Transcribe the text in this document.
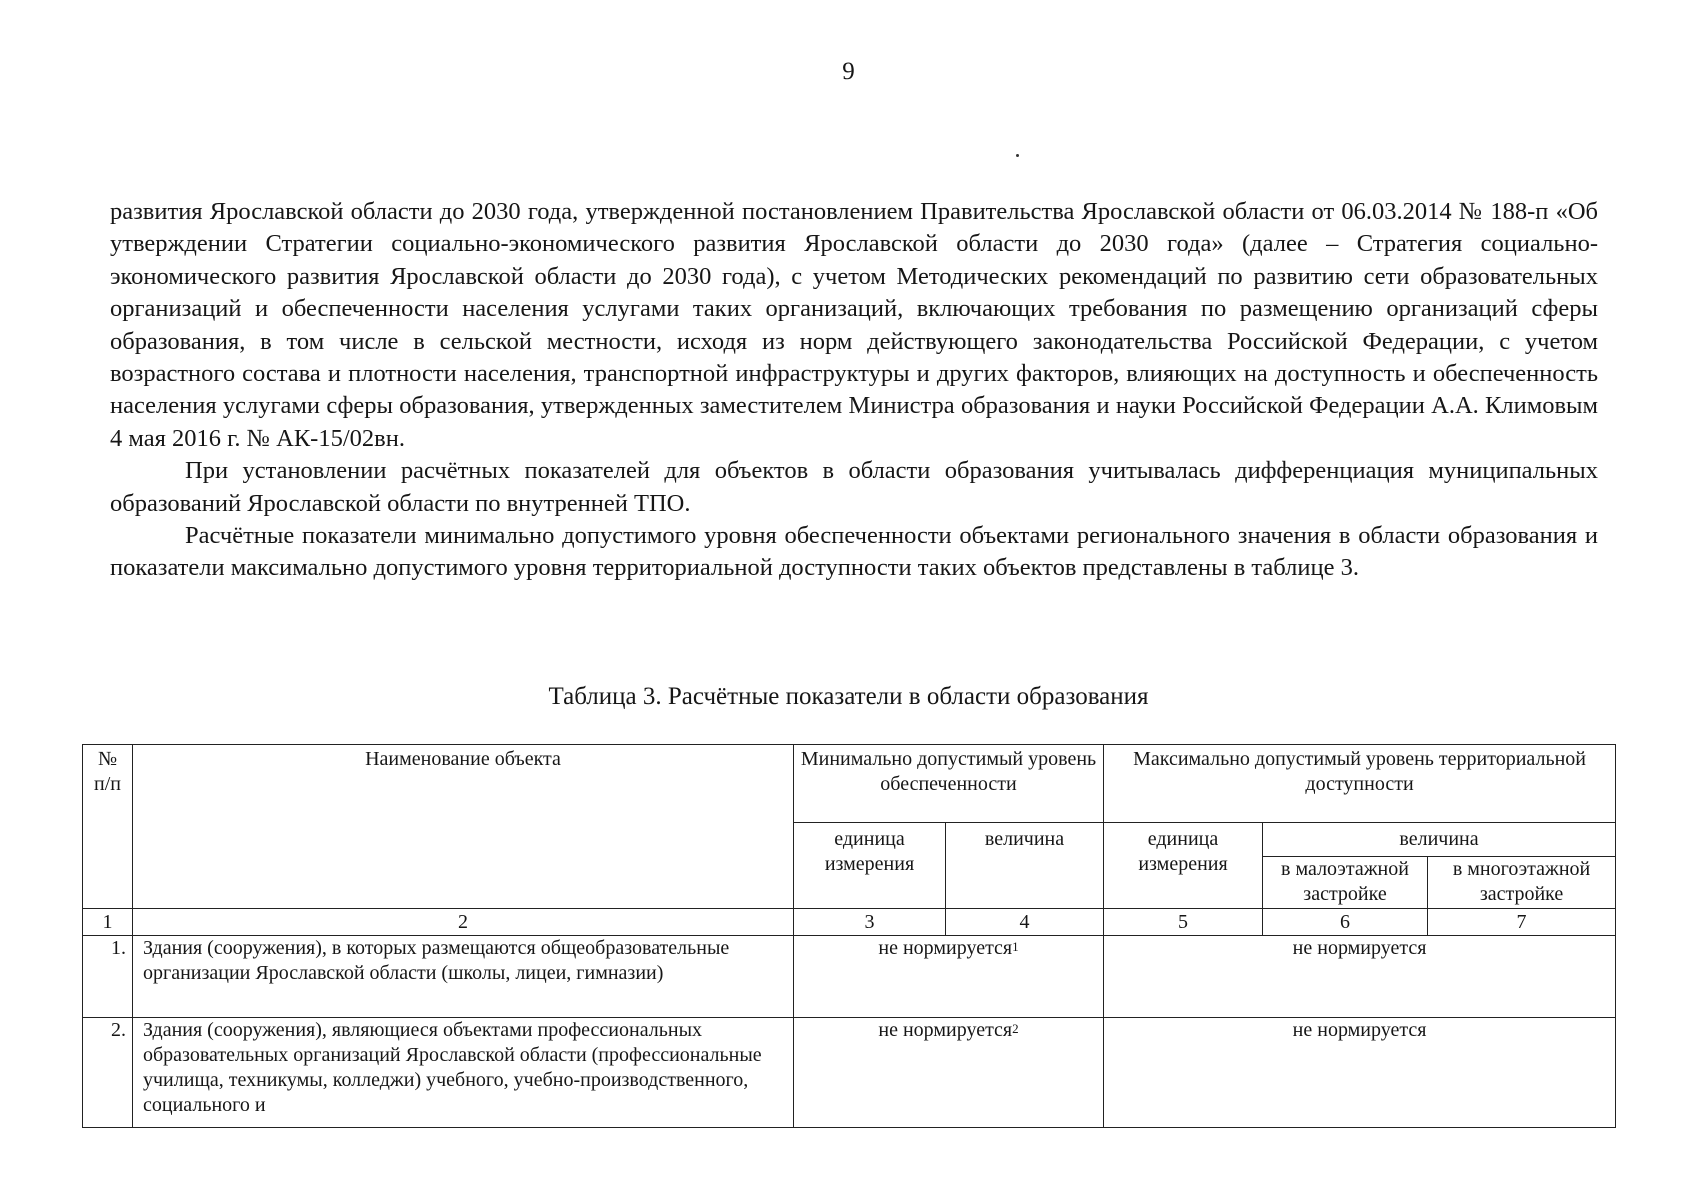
9

развития Ярославской области до 2030 года, утвержденной постановлением Правительства Ярославской области от 06.03.2014 № 188-п «Об утверждении Стратегии социально-экономического развития Ярославской области до 2030 года» (далее – Стратегия социально-экономического развития Ярославской области до 2030 года), с учетом Методических рекомендаций по развитию сети образовательных организаций и обеспеченности населения услугами таких организаций, включающих требования по размещению организаций сферы образования, в том числе в сельской местности, исходя из норм действующего законодательства Российской Федерации, с учетом возрастного состава и плотности населения, транспортной инфраструктуры и других факторов, влияющих на доступность и обеспеченность населения услугами сферы образования, утвержденных заместителем Министра образования и науки Российской Федерации А.А. Климовым 4 мая 2016 г. № АК-15/02вн.

При установлении расчётных показателей для объектов в области образования учитывалась дифференциация муниципальных образований Ярославской области по внутренней ТПО.

Расчётные показатели минимально допустимого уровня обеспеченности объектами регионального значения в области образования и показатели максимально допустимого уровня территориальной доступности таких объектов представлены в таблице 3.

Таблица 3. Расчётные показатели в области образования
№ п/п	Наименование объекта	Минимально допустимый уровень обеспеченности		Максимально допустимый уровень территориальной доступности		
		единица измерения	величина	единица измерения	величина	
					в малоэтажной застройке	в многоэтажной застройке
1	2	3	4	5	6	7
1.	Здания (сооружения), в которых размещаются общеобразовательные организации Ярославской области (школы, лицеи, гимназии)	не нормируется$^1$		не нормируется		
2.	Здания (сооружения), являющиеся объектами профессиональных образовательных организаций Ярославской области (профессиональные училища, техникумы, колледжи) учебного, учебно-производственного, социального и	не нормируется$^2$		не нормируется		
